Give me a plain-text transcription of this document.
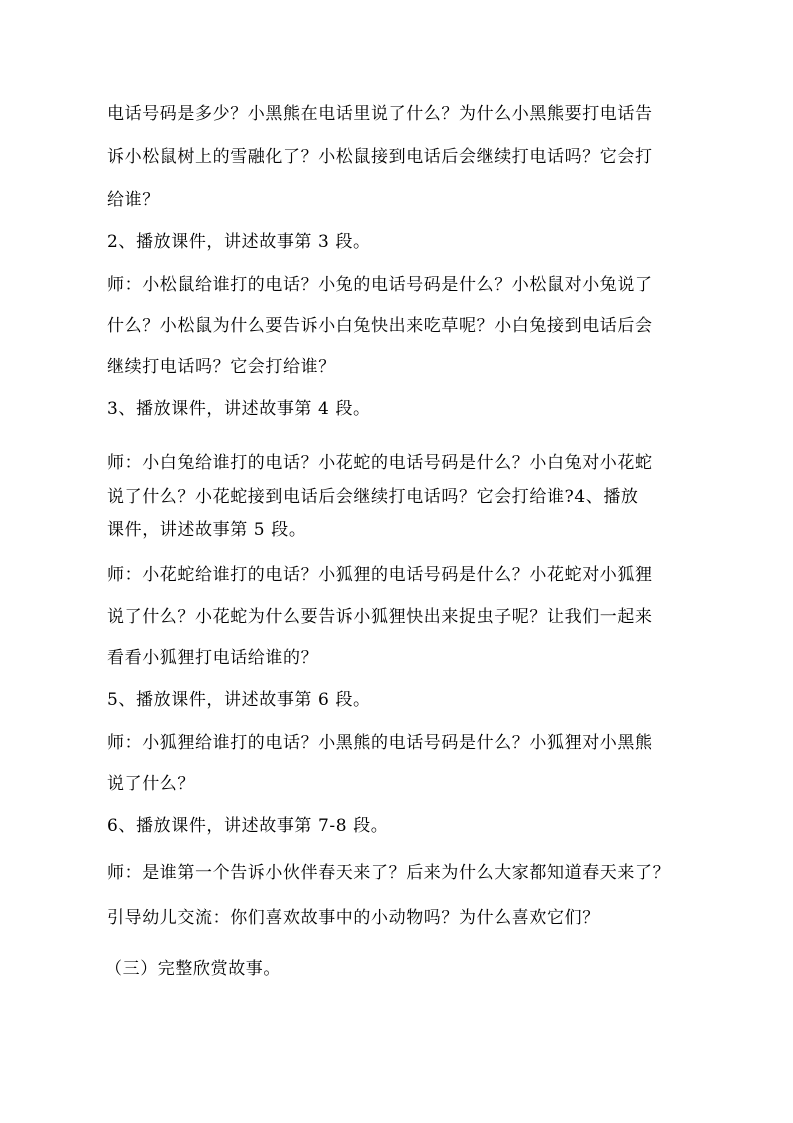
电话号码是多少？小黑熊在电话里说了什么？为什么小黑熊要打电话告
诉小松鼠树上的雪融化了？小松鼠接到电话后会继续打电话吗？它会打
给谁？
2、播放课件，讲述故事第 3 段。
师：小松鼠给谁打的电话？小兔的电话号码是什么？小松鼠对小兔说了
什么？小松鼠为什么要告诉小白兔快出来吃草呢？小白兔接到电话后会
继续打电话吗？它会打给谁？
3、播放课件，讲述故事第 4 段。
师：小白兔给谁打的电话？小花蛇的电话号码是什么？小白兔对小花蛇
说了什么？小花蛇接到电话后会继续打电话吗？它会打给谁?4、播放
课件，讲述故事第 5 段。
师：小花蛇给谁打的电话？小狐狸的电话号码是什么？小花蛇对小狐狸
说了什么？小花蛇为什么要告诉小狐狸快出来捉虫子呢？让我们一起来
看看小狐狸打电话给谁的？
5、播放课件，讲述故事第 6 段。
师：小狐狸给谁打的电话？小黑熊的电话号码是什么？小狐狸对小黑熊
说了什么？
6、播放课件，讲述故事第 7-8 段。
师：是谁第一个告诉小伙伴春天来了？后来为什么大家都知道春天来了？
引导幼儿交流：你们喜欢故事中的小动物吗？为什么喜欢它们？
（三）完整欣赏故事。
